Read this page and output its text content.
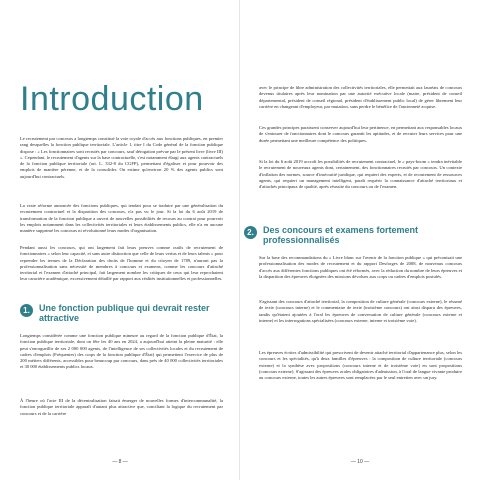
Introduction
Le recrutement par concours a longtemps constitué la voie royale d'accès aux fonctions publiques, en premier rang desquelles la fonction publique territoriale. L'article 1, titre I du Code général de la fonction publique dispose : « Les fonctionnaires sont recrutés par concours, sauf dérogation prévue par le présent livre (livre III) ». Cependant, le recrutement d'agents sur la base contractuelle, s'est notamment élargi aux agents contractuels de la fonction publique territoriale (art. L. 332-8 du CGFP), permettant d'égaliser et pour pourvoir des emplois de manière pérenne, et de la consolider. On estime qu'environ 20 % des agents publics sont aujourd'hui contractuels.
La vraie réforme annoncée des fonctions publiques, qui tendait pour se traduire par une généralisation du recrutement contractuel et la disparition des concours, n'a pas vu le jour. Si la loi du 6 août 2019 de transformation de la fonction publique a ouvert de nouvelles possibilités de recours au contrat pour pourvoir les emplois notamment dans les collectivités territoriales et leurs établissements publics, elle n'a en aucune manière supprimé les concours ni révolutionné leurs modes d'organisation.
Pendant aussi les concours, qui ont largement fait leurs preuves comme outils de recrutement de fonctionnaires « selon leur capacité, et sans autre distinction que celle de leurs vertus et de leurs talents » pour reprendre les termes de la Déclaration des droits de l'homme et du citoyen de 1789, n'auront pas la professionnalisation sans nécessité de membres à concours et examens, comme les concours d'attaché territorial et l'examen d'attaché principal, fait largement nombre les critiques de ceux qui leur reprochaient leur caractère académique, excessivement détaillé par rapport aux réalités institutionnelles et professionnelles.
1.	Une fonction publique qui devrait rester attractive
Longtemps considérée comme une fonction publique mineure au regard de la fonction publique d'État, la fonction publique territoriale, dont on fête les 40 ans en 2024, a aujourd'hui atteint la pleine maturité : elle peut s'enorgueillir de ses 2 000 000 agents, de l'intelligence de ses collectivités locales et du recrutement de cadres d'emplois (Fréquentes) des corps de la fonction publique d'État) qui permettent l'exercice de plus de 200 métiers différents, accessibles pour beaucoup par concours, dans près de 40 000 collectivités territoriales et 30 000 établissements publics locaux.
À l'heure où l'acte III de la décentralisation faisait émerger de nouvelles formes d'intercommunalité, la fonction publique territoriale apparaît d'autant plus attractive que, conciliant la logique du recrutement par concours et de la carrière
— 8 —
avec le principe de libre administration des collectivités territoriales, elle permettait aux lauréats de concours devenus titulaires après leur nomination par une autorité exécutive locale (maire, président de conseil départemental, président de conseil régional, président d'établissement public local) de gérer librement leur carrière en changeant d'employeur, par mutation, sans perdre le bénéfice de l'ancienneté acquise.
Ces grandes principes paraissent conserver aujourd'hui leur pertinence, en permettant aux responsables locaux de s'entourer de fonctionnaires dont le concours garantit les aptitudes, et de recruter leurs services pour une durée permettant une meilleure compétence des politiques.
Si la loi du 6 août 2019 accroît les possibilités de recrutement contractuel, le « pays-boom » tendra inévitable le recrutement de nouveaux agents dont, certainement, des fonctionnaires recrutés par concours. Un contexte d'inflation des normes, source d'insécurité juridique, qui requiert des experts, et de recrutement de ressources agents, qui requiert un management intelligent, paraît requérir la connaissance d'attaché territoriaux et d'attachés principaux de qualité, après réussite du concours ou de l'examen.
2.	Des concours et examens fortement professionnalisés
Sur la base des recommandations du « Livre blanc sur l'avenir de la fonction publique » qui préconisait une professionnalisation des modes de recrutement et du rapport Desforges de 2008, de nouveaux concours d'accès aux différentes fonctions publiques ont été réformés, avec la réduction du nombre de leurs épreuves et la disparition des épreuves éloignées des missions dévolues aux corps ou cadres d'emplois postulés.
S'agissant des concours d'attaché territorial, la composition de culture générale (concours externe), le résumé de texte (concours interne) et le commentaire de texte (troisième concours) ont ainsi disparu des épreuves, tandis qu'étaient ajoutées à l'oral les épreuves de conversation de culture générale (concours externe et interne) et les interrogations spécialisées (concours externe, interne et troisième voie).
Les épreuves écrites d'admissibilité qui prescrivent de devenir attaché territorial d'appartenance plus, selon les concours et les spécialités, qu'à deux familles d'épreuves : la composition de culture territoriale (concours externe) et la synthèse avec propositions (concours interne et de troisième voie) en sont propositions (concours externe). S'agissant des épreuves orales obligatoires d'admission, à l'oral de langue vivante produire au concours externe, toutes les autres épreuves sont remplacées par le seul entretien avec un jury.
— 10 —
